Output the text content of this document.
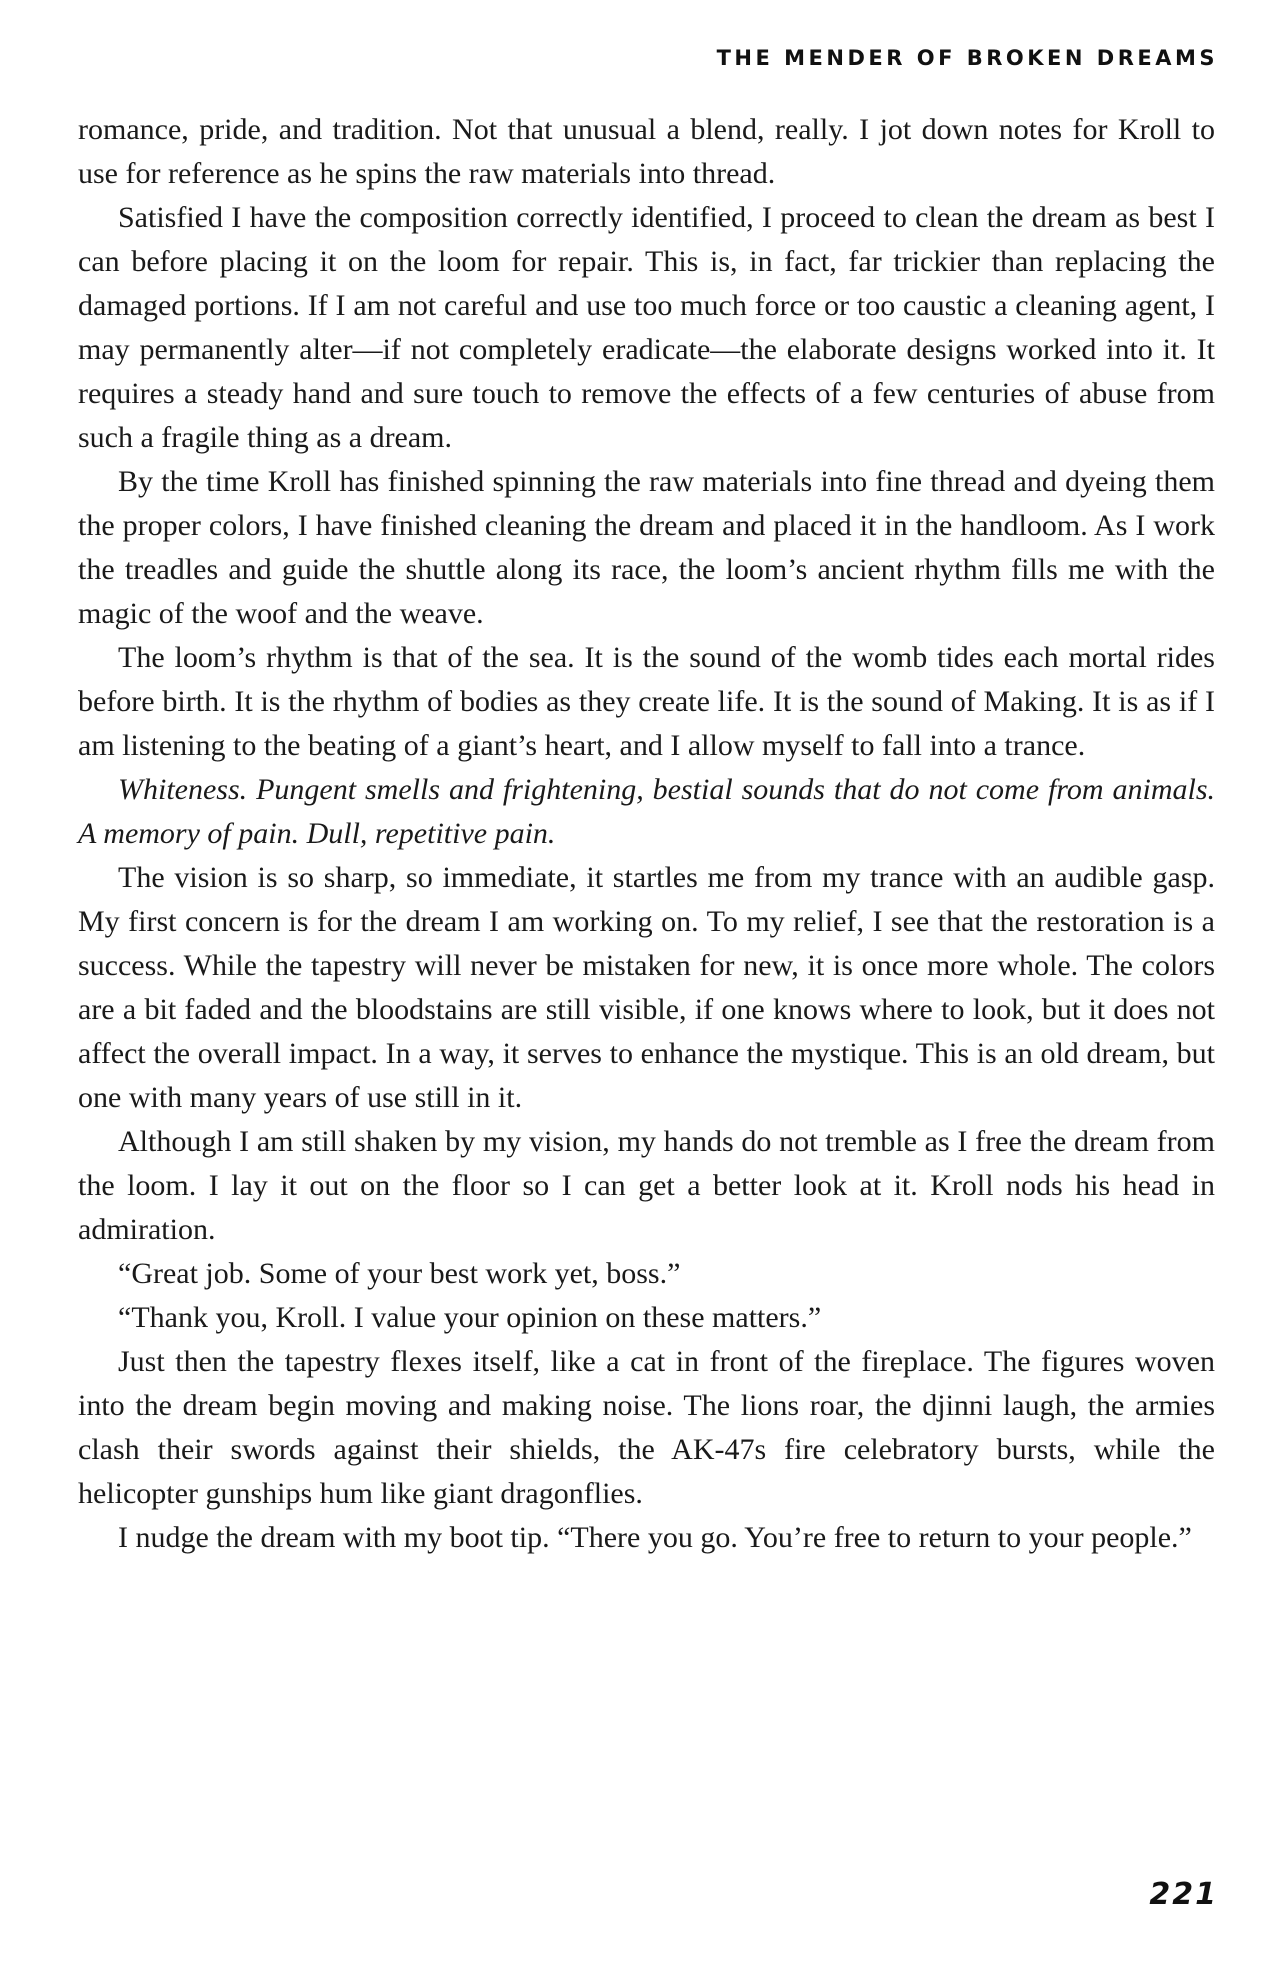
THE MENDER OF BROKEN DREAMS

romance, pride, and tradition. Not that unusual a blend, really. I jot down notes for Kroll to use for reference as he spins the raw materials into thread.

Satisfied I have the composition correctly identified, I proceed to clean the dream as best I can before placing it on the loom for repair. This is, in fact, far trickier than replacing the damaged portions. If I am not careful and use too much force or too caustic a cleaning agent, I may permanently alter—if not completely eradicate—the elaborate designs worked into it. It requires a steady hand and sure touch to remove the effects of a few centuries of abuse from such a fragile thing as a dream.

By the time Kroll has finished spinning the raw materials into fine thread and dyeing them the proper colors, I have finished cleaning the dream and placed it in the handloom. As I work the treadles and guide the shuttle along its race, the loom’s ancient rhythm fills me with the magic of the woof and the weave.

The loom’s rhythm is that of the sea. It is the sound of the womb tides each mortal rides before birth. It is the rhythm of bodies as they create life. It is the sound of Making. It is as if I am listening to the beating of a giant’s heart, and I allow myself to fall into a trance.

Whiteness. Pungent smells and frightening, bestial sounds that do not come from animals. A memory of pain. Dull, repetitive pain.

The vision is so sharp, so immediate, it startles me from my trance with an audible gasp. My first concern is for the dream I am working on. To my relief, I see that the restoration is a success. While the tapestry will never be mistaken for new, it is once more whole. The colors are a bit faded and the bloodstains are still visible, if one knows where to look, but it does not affect the overall impact. In a way, it serves to enhance the mystique. This is an old dream, but one with many years of use still in it.

Although I am still shaken by my vision, my hands do not tremble as I free the dream from the loom. I lay it out on the floor so I can get a better look at it. Kroll nods his head in admiration.

“Great job. Some of your best work yet, boss.”

“Thank you, Kroll. I value your opinion on these matters.”

Just then the tapestry flexes itself, like a cat in front of the fireplace. The figures woven into the dream begin moving and making noise. The lions roar, the djinni laugh, the armies clash their swords against their shields, the AK-47s fire celebratory bursts, while the helicopter gunships hum like giant dragonflies.

I nudge the dream with my boot tip. “There you go. You’re free to return to your people.”

221
